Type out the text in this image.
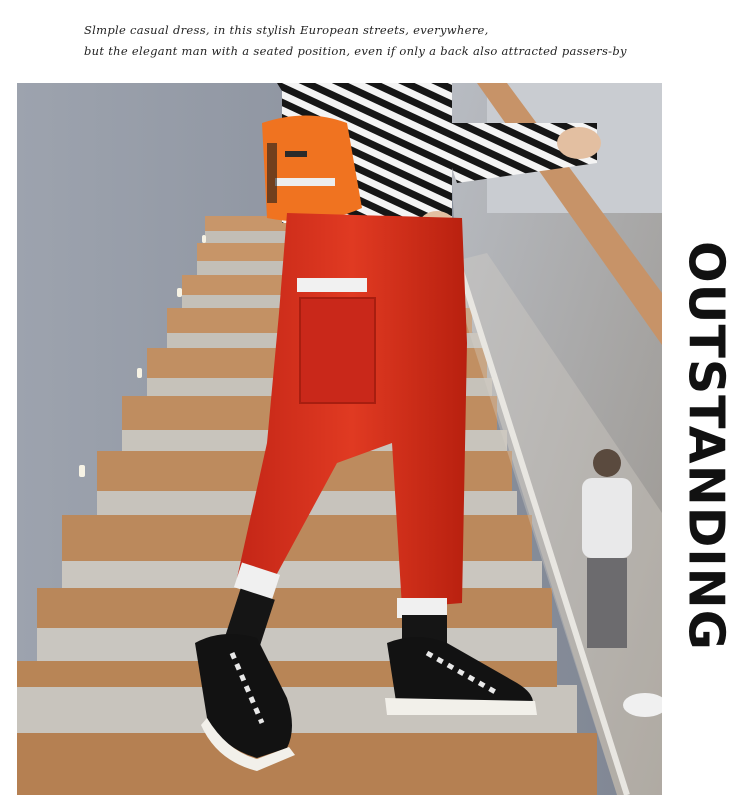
Slmple casual dress, in this stylish European streets, everywhere,
but the elegant man with a seated position, even if only a back also attracted passers-by
OUTSTANDING
